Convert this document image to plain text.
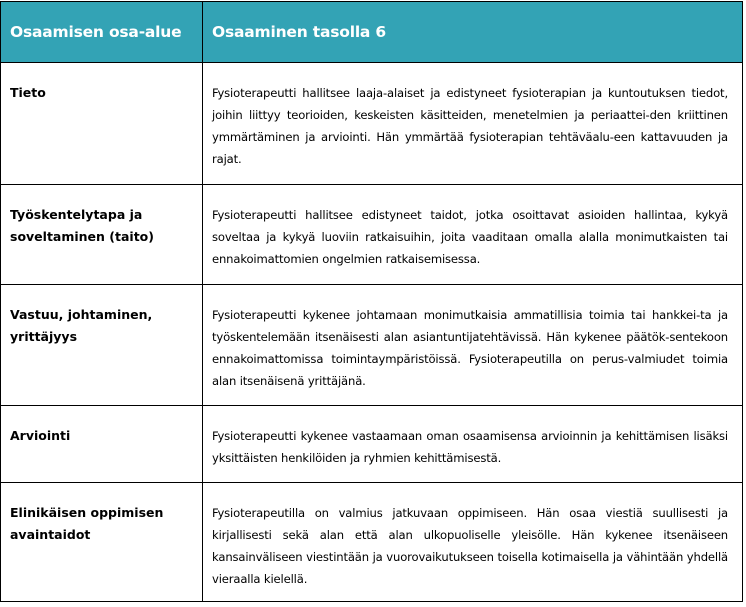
Osaamisen osa-alue	Osaaminen tasolla 6
Tieto	Fysioterapeutti hallitsee laaja-alaiset ja edistyneet fysioterapian ja kuntoutuksen tiedot, joihin liittyy teorioiden, keskeisten käsitteiden, menetelmien ja periaattei-den kriittinen ymmärtäminen ja arviointi. Hän ymmärtää fysioterapian tehtäväalu-een kattavuuden ja rajat.
Työskentelytapa ja soveltaminen (taito)	Fysioterapeutti hallitsee edistyneet taidot, jotka osoittavat asioiden hallintaa, kykyä soveltaa ja kykyä luoviin ratkaisuihin, joita vaaditaan omalla alalla monimutkaisten tai ennakoimattomien ongelmien ratkaisemisessa.
Vastuu, johtaminen, yrittäjyys	Fysioterapeutti kykenee johtamaan monimutkaisia ammatillisia toimia tai hankkei-ta ja työskentelemään itsenäisesti alan asiantuntijatehtävissä. Hän kykenee päätök-sentekoon ennakoimattomissa toimintaympäristöissä. Fysioterapeutilla on perus-valmiudet toimia alan itsenäisenä yrittäjänä.
Arviointi	Fysioterapeutti kykenee vastaamaan oman osaamisensa arvioinnin ja kehittämisen lisäksi yksittäisten henkilöiden ja ryhmien kehittämisestä.
Elinikäisen oppimisen avaintaidot	Fysioterapeutilla on valmius jatkuvaan oppimiseen. Hän osaa viestiä suullisesti ja kirjallisesti sekä alan että alan ulkopuoliselle yleisölle. Hän kykenee itsenäiseen kansainväliseen viestintään ja vuorovaikutukseen toisella kotimaisella ja vähintään yhdellä vieraalla kielellä.
